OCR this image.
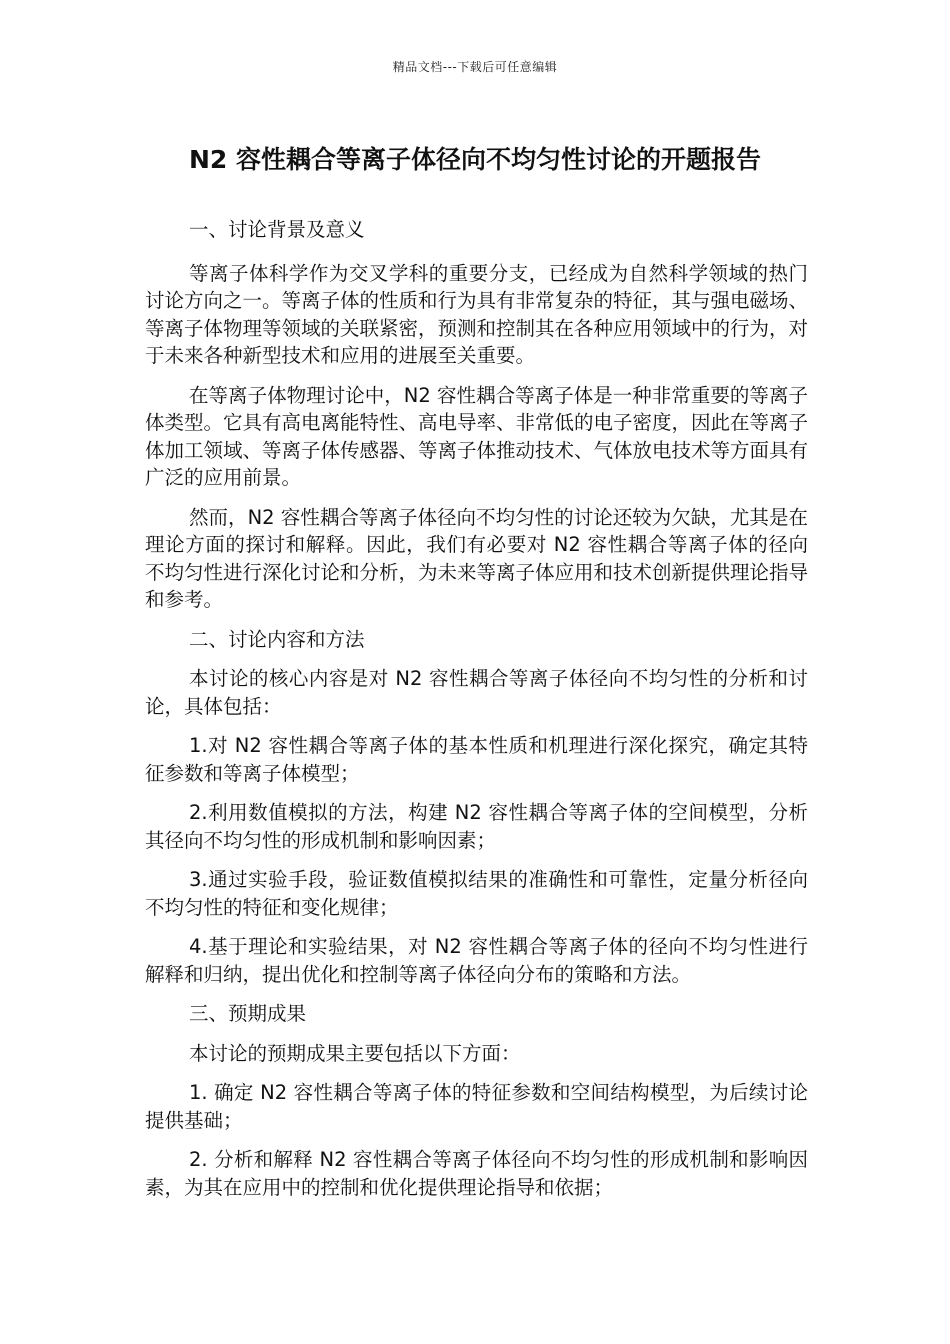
精品文档---下载后可任意编辑
N2 容性耦合等离子体径向不均匀性讨论的开题报告

一、讨论背景及意义

等离子体科学作为交叉学科的重要分支，已经成为自然科学领域的热门讨论方向之一。等离子体的性质和行为具有非常复杂的特征，其与强电磁场、等离子体物理等领域的关联紧密，预测和控制其在各种应用领域中的行为，对于未来各种新型技术和应用的进展至关重要。

在等离子体物理讨论中，N2 容性耦合等离子体是一种非常重要的等离子体类型。它具有高电离能特性、高电导率、非常低的电子密度，因此在等离子体加工领域、等离子体传感器、等离子体推动技术、气体放电技术等方面具有广泛的应用前景。

然而，N2 容性耦合等离子体径向不均匀性的讨论还较为欠缺，尤其是在理论方面的探讨和解释。因此，我们有必要对 N2 容性耦合等离子体的径向不均匀性进行深化讨论和分析，为未来等离子体应用和技术创新提供理论指导和参考。

二、讨论内容和方法

本讨论的核心内容是对 N2 容性耦合等离子体径向不均匀性的分析和讨论，具体包括：

1.对 N2 容性耦合等离子体的基本性质和机理进行深化探究，确定其特征参数和等离子体模型；

2.利用数值模拟的方法，构建 N2 容性耦合等离子体的空间模型，分析其径向不均匀性的形成机制和影响因素；

3.通过实验手段，验证数值模拟结果的准确性和可靠性，定量分析径向不均匀性的特征和变化规律；

4.基于理论和实验结果，对 N2 容性耦合等离子体的径向不均匀性进行解释和归纳，提出优化和控制等离子体径向分布的策略和方法。

三、预期成果

本讨论的预期成果主要包括以下方面：

1. 确定 N2 容性耦合等离子体的特征参数和空间结构模型，为后续讨论提供基础；

2. 分析和解释 N2 容性耦合等离子体径向不均匀性的形成机制和影响因素，为其在应用中的控制和优化提供理论指导和依据；
